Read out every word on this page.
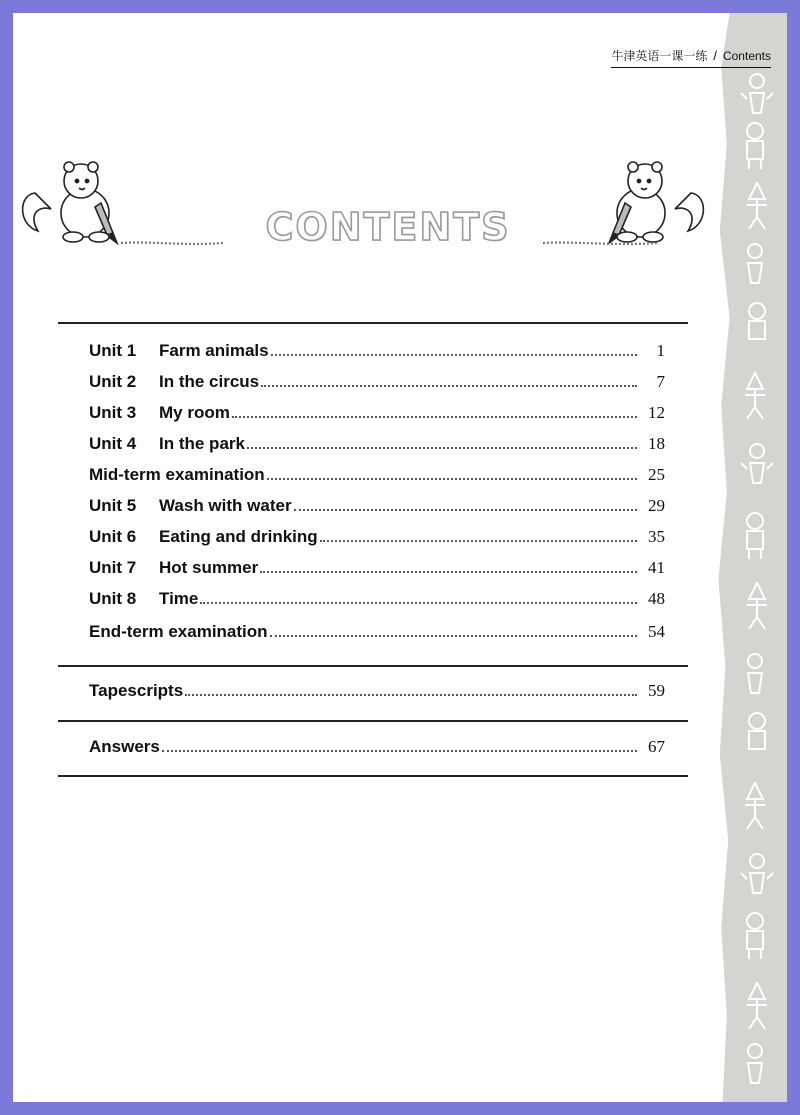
牛津英语一课一练 / Contents
CONTENTS
Unit 1	Farm animals	1
Unit 2	In the circus	7
Unit 3	My room	12
Unit 4	In the park	18
Mid-term examination	25
Unit 5	Wash with water	29
Unit 6	Eating and drinking	35
Unit 7	Hot summer	41
Unit 8	Time	48
End-term examination	54
Tapescripts	59
Answers	67
